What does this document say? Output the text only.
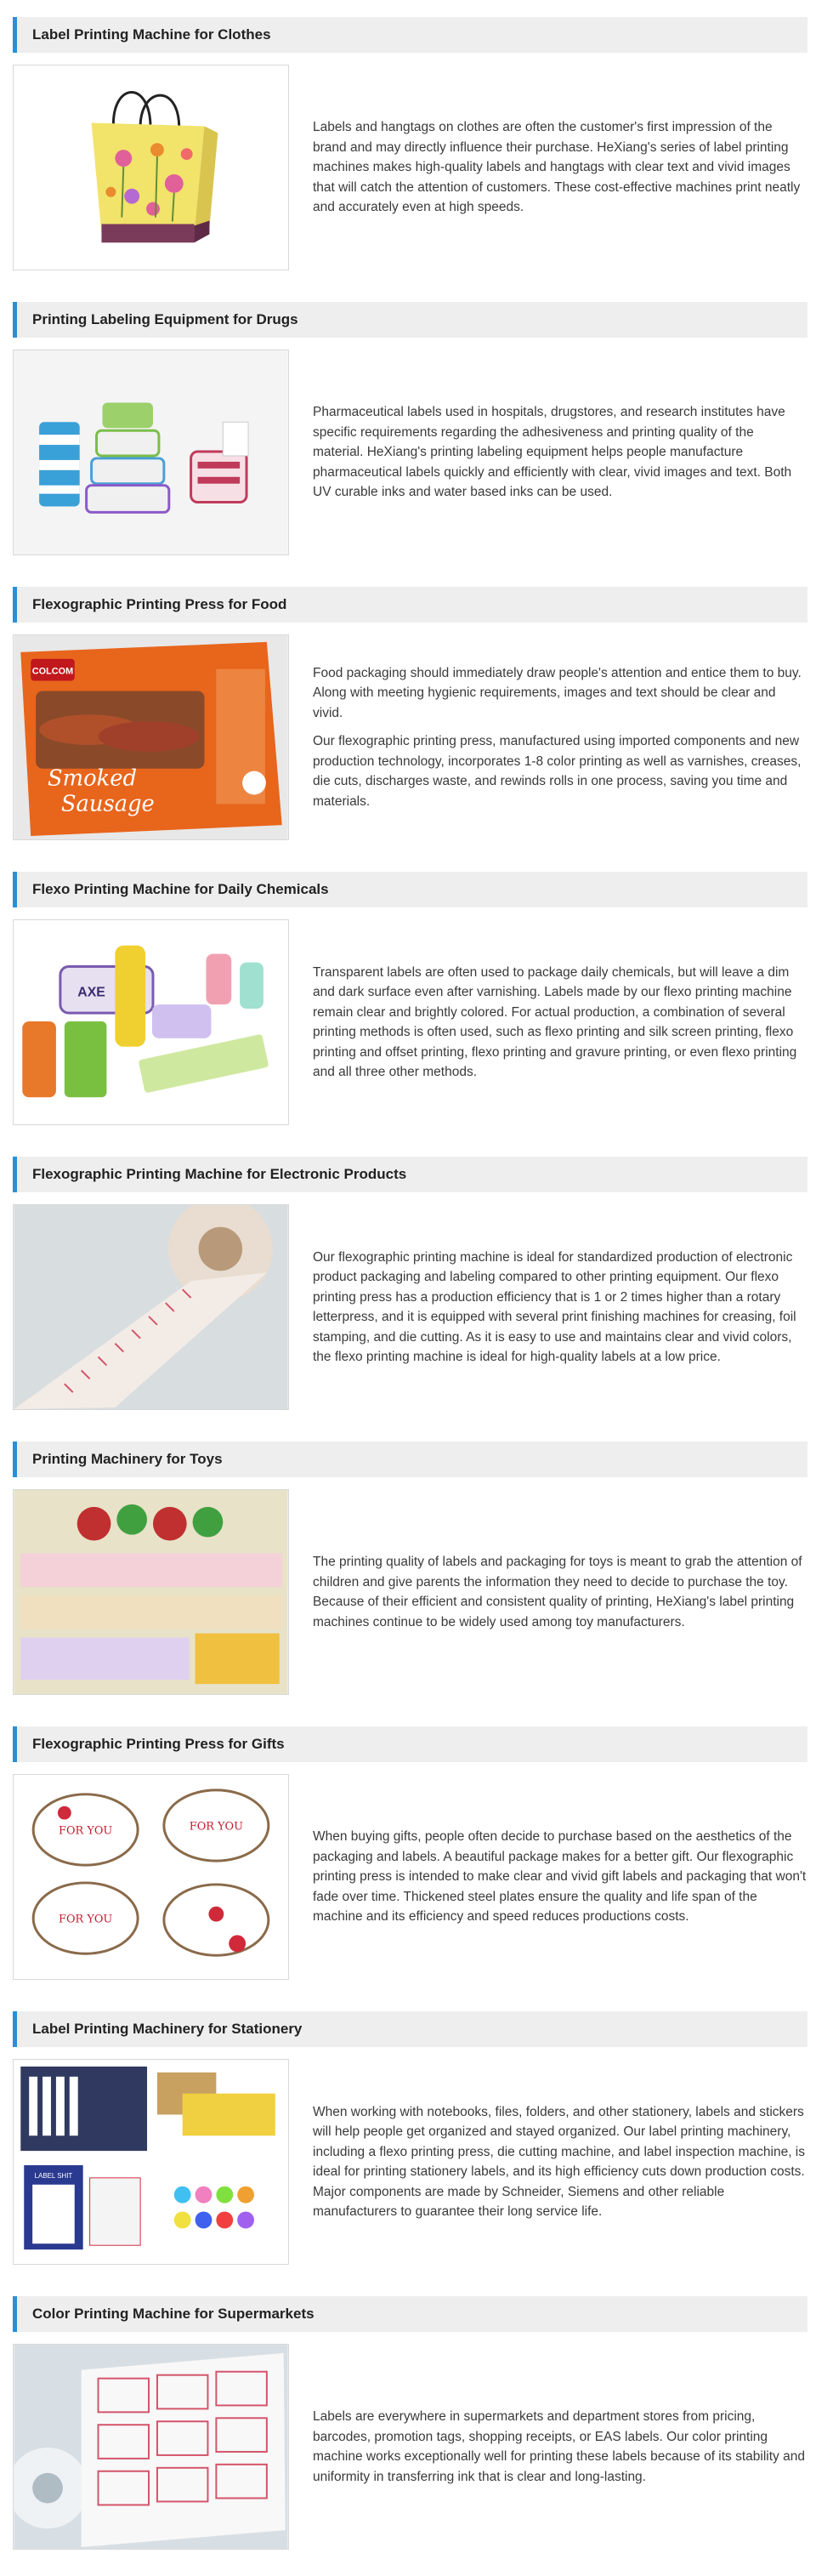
Label Printing Machine for Clothes

Labels and hangtags on clothes are often the customer's first impression of the brand and may directly influence their purchase. HeXiang's series of label printing machines makes high-quality labels and hangtags with clear text and vivid images that will catch the attention of customers. These cost-effective machines print neatly and accurately even at high speeds.

Printing Labeling Equipment for Drugs

Pharmaceutical labels used in hospitals, drugstores, and research institutes have specific requirements regarding the adhesiveness and printing quality of the material. HeXiang's printing labeling equipment helps people manufacture pharmaceutical labels quickly and efficiently with clear, vivid images and text. Both UV curable inks and water based inks can be used.

Flexographic Printing Press for Food
COLCOM
Smoked
Sausage

Food packaging should immediately draw people's attention and entice them to buy. Along with meeting hygienic requirements, images and text should be clear and vivid.

Our flexographic printing press, manufactured using imported components and new production technology, incorporates 1-8 color printing as well as varnishes, creases, die cuts, discharges waste, and rewinds rolls in one process, saving you time and materials.

Flexo Printing Machine for Daily Chemicals
AXE

Transparent labels are often used to package daily chemicals, but will leave a dim and dark surface even after varnishing. Labels made by our flexo printing machine remain clear and brightly colored. For actual production, a combination of several printing methods is often used, such as flexo printing and silk screen printing, flexo printing and offset printing, flexo printing and gravure printing, or even flexo printing and all three other methods.

Flexographic Printing Machine for Electronic Products

Our flexographic printing machine is ideal for standardized production of electronic product packaging and labeling compared to other printing equipment. Our flexo printing press has a production efficiency that is 1 or 2 times higher than a rotary letterpress, and it is equipped with several print finishing machines for creasing, foil stamping, and die cutting. As it is easy to use and maintains clear and vivid colors, the flexo printing machine is ideal for high-quality labels at a low price.

Printing Machinery for Toys

The printing quality of labels and packaging for toys is meant to grab the attention of children and give parents the information they need to decide to purchase the toy. Because of their efficient and consistent quality of printing, HeXiang's label printing machines continue to be widely used among toy manufacturers.

Flexographic Printing Press for Gifts
FOR YOU	FOR YOU
FOR YOU

When buying gifts, people often decide to purchase based on the aesthetics of the packaging and labels. A beautiful package makes for a better gift. Our flexographic printing press is intended to make clear and vivid gift labels and packaging that won't fade over time. Thickened steel plates ensure the quality and life span of the machine and its efficiency and speed reduces productions costs.

Label Printing Machinery for Stationery
LABEL SHIT

When working with notebooks, files, folders, and other stationery, labels and stickers will help people get organized and stayed organized. Our label printing machinery, including a flexo printing press, die cutting machine, and label inspection machine, is ideal for printing stationery labels, and its high efficiency cuts down production costs. Major components are made by Schneider, Siemens and other reliable manufacturers to guarantee their long service life.

Color Printing Machine for Supermarkets

Labels are everywhere in supermarkets and department stores from pricing, barcodes, promotion tags, shopping receipts, or EAS labels. Our color printing machine works exceptionally well for printing these labels because of its stability and uniformity in transferring ink that is clear and long-lasting.
